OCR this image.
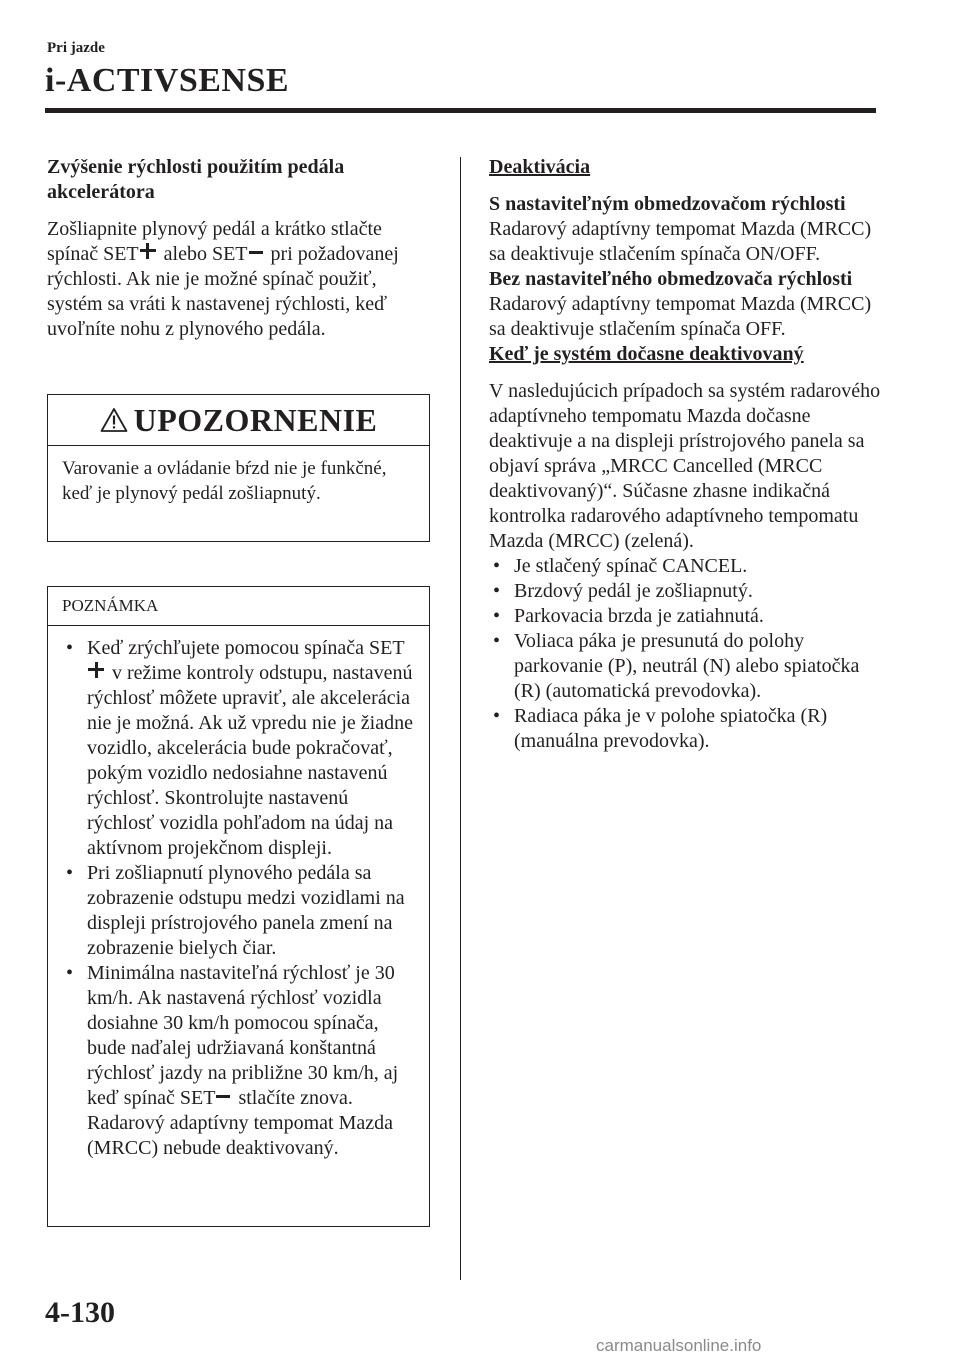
Pri jazde
i-ACTIVSENSE

Zvýšenie rýchlosti použitím pedála akcelerátora

Zošliapnite plynový pedál a krátko stlačte spínač SET alebo SET pri požadovanej rýchlosti. Ak nie je možné spínač použiť, systém sa vráti k nastavenej rýchlosti, keď uvoľníte nohu z plynového pedála.

UPOZORNENIE
Varovanie a ovládanie bŕzd nie je funkčné, keď je plynový pedál zošliapnutý.
POZNÁMKA
• Keď zrýchľujete pomocou spínača SET v režime kontroly odstupu, nastavenú rýchlosť môžete upraviť, ale akcelerácia nie je možná. Ak už vpredu nie je žiadne vozidlo, akcelerácia bude pokračovať, pokým vozidlo nedosiahne nastavenú rýchlosť. Skontrolujte nastavenú rýchlosť vozidla pohľadom na údaj na aktívnom projekčnom displeji.
• Pri zošliapnutí plynového pedála sa zobrazenie odstupu medzi vozidlami na displeji prístrojového panela zmení na zobrazenie bielych čiar.
• Minimálna nastaviteľná rýchlosť je 30 km/h. Ak nastavená rýchlosť vozidla dosiahne 30 km/h pomocou spínača, bude naďalej udržiavaná konštantná rýchlosť jazdy na približne 30 km/h, aj keď spínač SET stlačíte znova. Radarový adaptívny tempomat Mazda (MRCC) nebude deaktivovaný.

Deaktivácia

S nastaviteľným obmedzovačom rýchlosti

Radarový adaptívny tempomat Mazda (MRCC) sa deaktivuje stlačením spínača ON/OFF.

Bez nastaviteľného obmedzovača rýchlosti

Radarový adaptívny tempomat Mazda (MRCC) sa deaktivuje stlačením spínača OFF.

Keď je systém dočasne deaktivovaný

V nasledujúcich prípadoch sa systém radarového adaptívneho tempomatu Mazda dočasne deaktivuje a na displeji prístrojového panela sa objaví správa „MRCC Cancelled (MRCC deaktivovaný)“. Súčasne zhasne indikačná kontrolka radarového adaptívneho tempomatu Mazda (MRCC) (zelená).

• Je stlačený spínač CANCEL.
• Brzdový pedál je zošliapnutý.
• Parkovacia brzda je zatiahnutá.
• Voliaca páka je presunutá do polohy parkovanie (P), neutrál (N) alebo spiatočka (R) (automatická prevodovka).
• Radiaca páka je v polohe spiatočka (R) (manuálna prevodovka).
4-130
carmanualsonline.info
